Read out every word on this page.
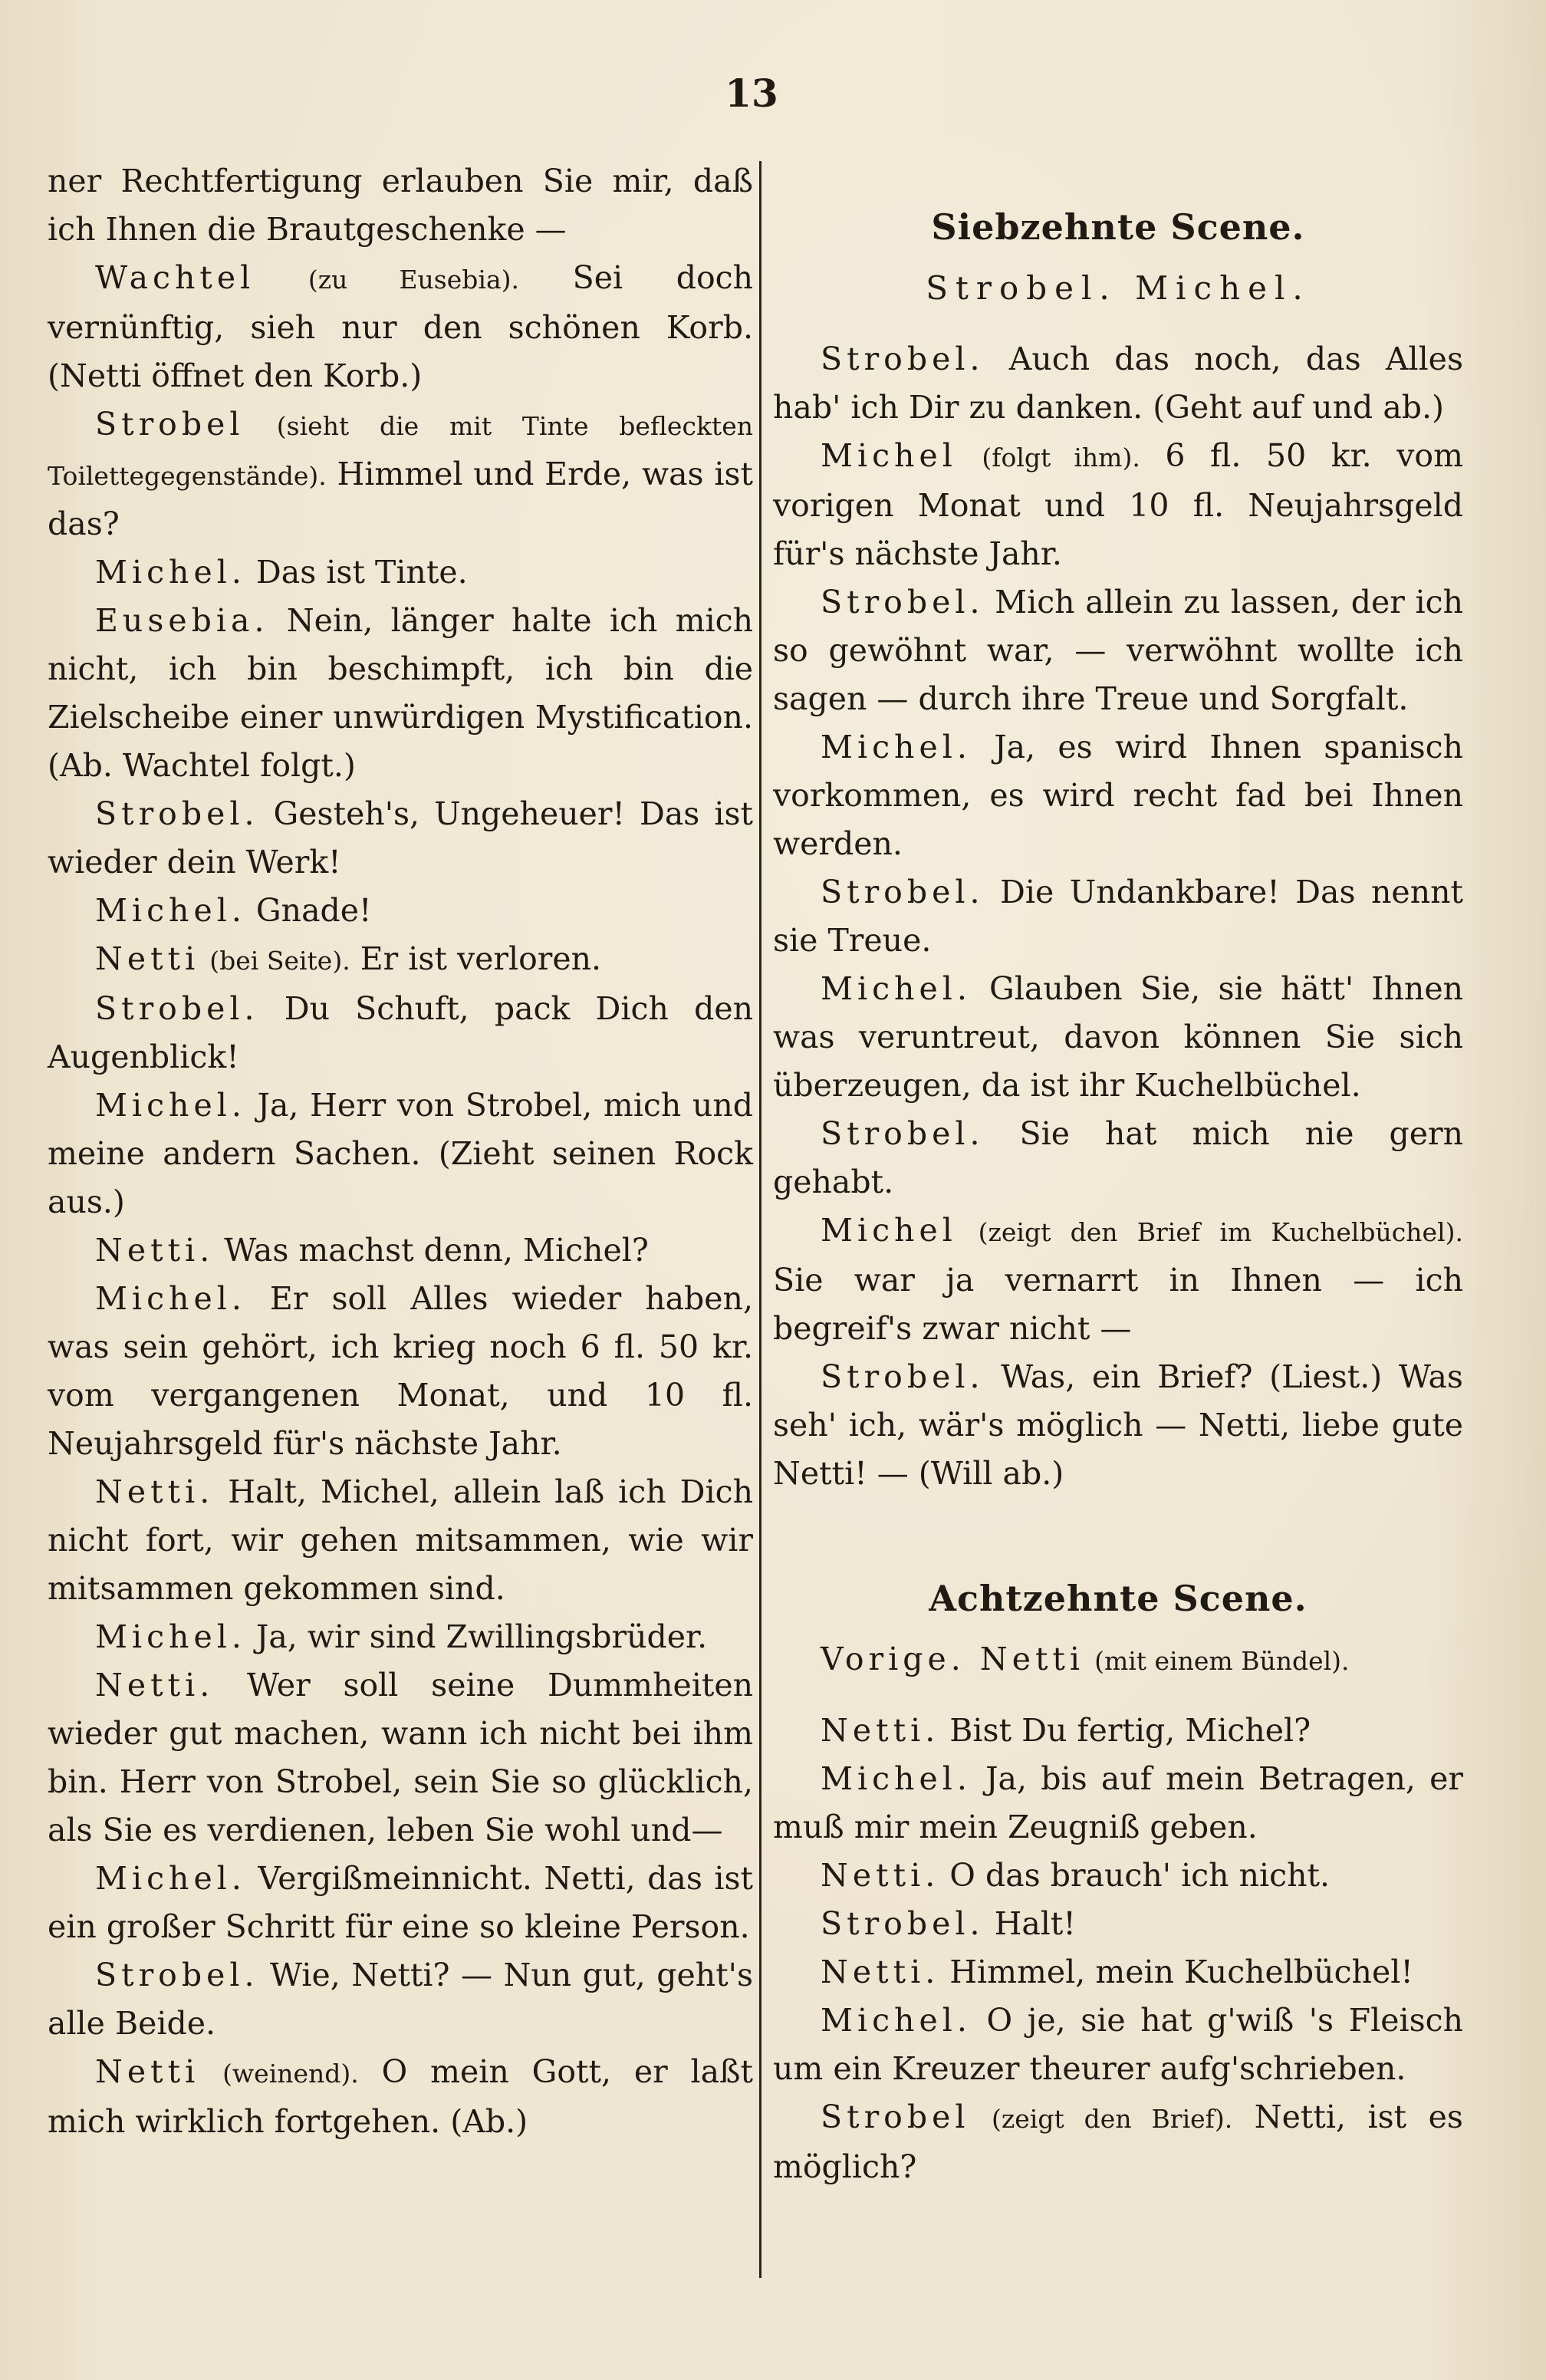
13

ner Rechtfertigung erlauben Sie mir, daß ich Ihnen die Brautgeschenke —

Wachtel (zu Eusebia). Sei doch vernünftig, sieh nur den schönen Korb. (Netti öffnet den Korb.)

Strobel (sieht die mit Tinte befleckten Toilettegegenstände). Himmel und Erde, was ist das?

Michel. Das ist Tinte.

Eusebia. Nein, länger halte ich mich nicht, ich bin beschimpft, ich bin die Zielscheibe einer unwürdigen Mystification. (Ab. Wachtel folgt.)

Strobel. Gesteh's, Ungeheuer! Das ist wieder dein Werk!

Michel. Gnade!

Netti (bei Seite). Er ist verloren.

Strobel. Du Schuft, pack Dich den Augenblick!

Michel. Ja, Herr von Strobel, mich und meine andern Sachen. (Zieht seinen Rock aus.)

Netti. Was machst denn, Michel?

Michel. Er soll Alles wieder haben, was sein gehört, ich krieg noch 6 fl. 50 kr. vom vergangenen Monat, und 10 fl. Neujahrsgeld für's nächste Jahr.

Netti. Halt, Michel, allein laß ich Dich nicht fort, wir gehen mitsammen, wie wir mitsammen gekommen sind.

Michel. Ja, wir sind Zwillingsbrüder.

Netti. Wer soll seine Dummheiten wieder gut machen, wann ich nicht bei ihm bin. Herr von Strobel, sein Sie so glücklich, als Sie es verdienen, leben Sie wohl und—

Michel. Vergißmeinnicht. Netti, das ist ein großer Schritt für eine so kleine Person.

Strobel. Wie, Netti? — Nun gut, geht's alle Beide.

Netti (weinend). O mein Gott, er laßt mich wirklich fortgehen. (Ab.)

Siebzehnte Scene.
Strobel. Michel.

Strobel. Auch das noch, das Alles hab' ich Dir zu danken. (Geht auf und ab.)

Michel (folgt ihm). 6 fl. 50 kr. vom vorigen Monat und 10 fl. Neujahrsgeld für's nächste Jahr.

Strobel. Mich allein zu lassen, der ich so gewöhnt war, — verwöhnt wollte ich sagen — durch ihre Treue und Sorgfalt.

Michel. Ja, es wird Ihnen spanisch vorkommen, es wird recht fad bei Ihnen werden.

Strobel. Die Undankbare! Das nennt sie Treue.

Michel. Glauben Sie, sie hätt' Ihnen was veruntreut, davon können Sie sich überzeugen, da ist ihr Kuchelbüchel.

Strobel. Sie hat mich nie gern gehabt.

Michel (zeigt den Brief im Kuchelbüchel). Sie war ja vernarrt in Ihnen — ich begreif's zwar nicht —

Strobel. Was, ein Brief? (Liest.) Was seh' ich, wär's möglich — Netti, liebe gute Netti! — (Will ab.)

Achtzehnte Scene.

Vorige. Netti (mit einem Bündel).

Netti. Bist Du fertig, Michel?

Michel. Ja, bis auf mein Betragen, er muß mir mein Zeugniß geben.

Netti. O das brauch' ich nicht.

Strobel. Halt!

Netti. Himmel, mein Kuchelbüchel!

Michel. O je, sie hat g'wiß 's Fleisch um ein Kreuzer theurer aufg'schrieben.

Strobel (zeigt den Brief). Netti, ist es möglich?
